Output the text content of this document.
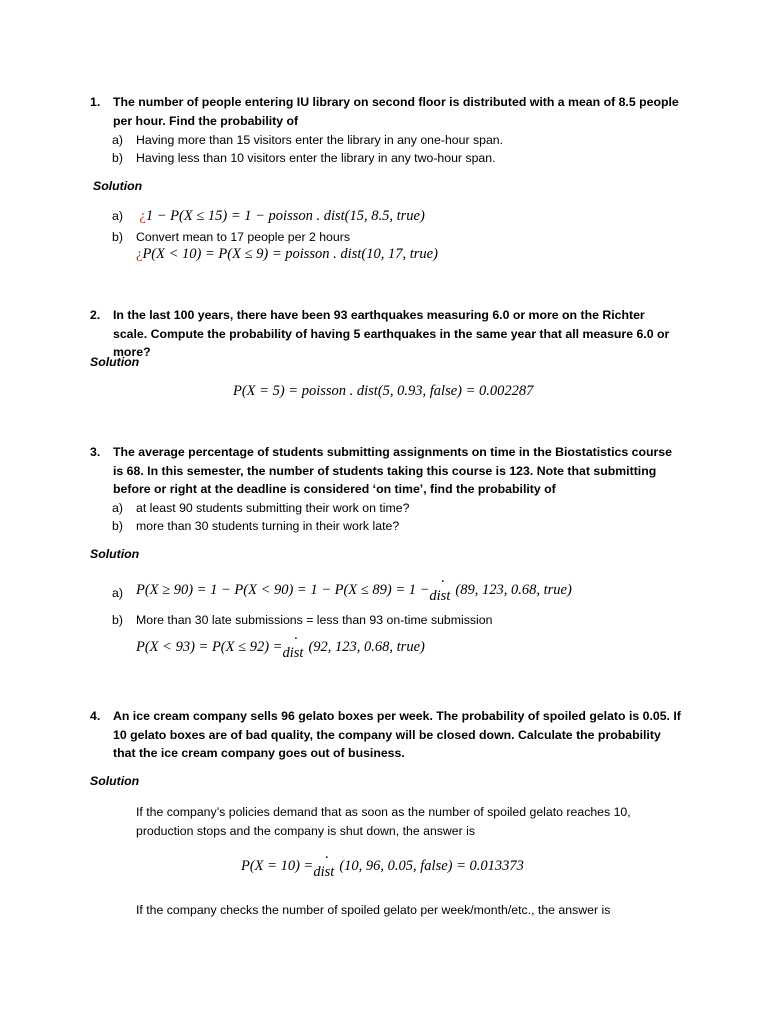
1. The number of people entering IU library on second floor is distributed with a mean of 8.5 people per hour. Find the probability of
a) Having more than 15 visitors enter the library in any one-hour span.
b) Having less than 10 visitors enter the library in any two-hour span.
Solution
a) ¿1 − P(X ≤ 15) = 1 − poisson . dist(15, 8.5, true)
b) Convert mean to 17 people per 2 hours
¿P(X < 10) = P(X ≤ 9) = poisson . dist(10, 17, true)
2. In the last 100 years, there have been 93 earthquakes measuring 6.0 or more on the Richter scale. Compute the probability of having 5 earthquakes in the same year that all measure 6.0 or more?
Solution
P(X = 5) = poisson . dist(5, 0.93, false) = 0.002287
3. The average percentage of students submitting assignments on time in the Biostatistics course is 68. In this semester, the number of students taking this course is 123. Note that submitting before or right at the deadline is considered ‘on time’, find the probability of
a) at least 90 students submitting their work on time?
b) more than 30 students turning in their work late?
Solution
a) P(X ≥ 90) = 1 − P(X < 90) = 1 − P(X ≤ 89) = 1 − ·
dist (89, 123, 0.68, true)
b) More than 30 late submissions = less than 93 on-time submission
P(X < 93) = P(X ≤ 92) = ·
dist (92, 123, 0.68, true)
4. An ice cream company sells 96 gelato boxes per week. The probability of spoiled gelato is 0.05. If 10 gelato boxes are of bad quality, the company will be closed down. Calculate the probability that the ice cream company goes out of business.
Solution
If the company’s policies demand that as soon as the number of spoiled gelato reaches 10, production stops and the company is shut down, the answer is
P(X = 10) = ·
dist (10, 96, 0.05, false) = 0.013373
If the company checks the number of spoiled gelato per week/month/etc., the answer is
